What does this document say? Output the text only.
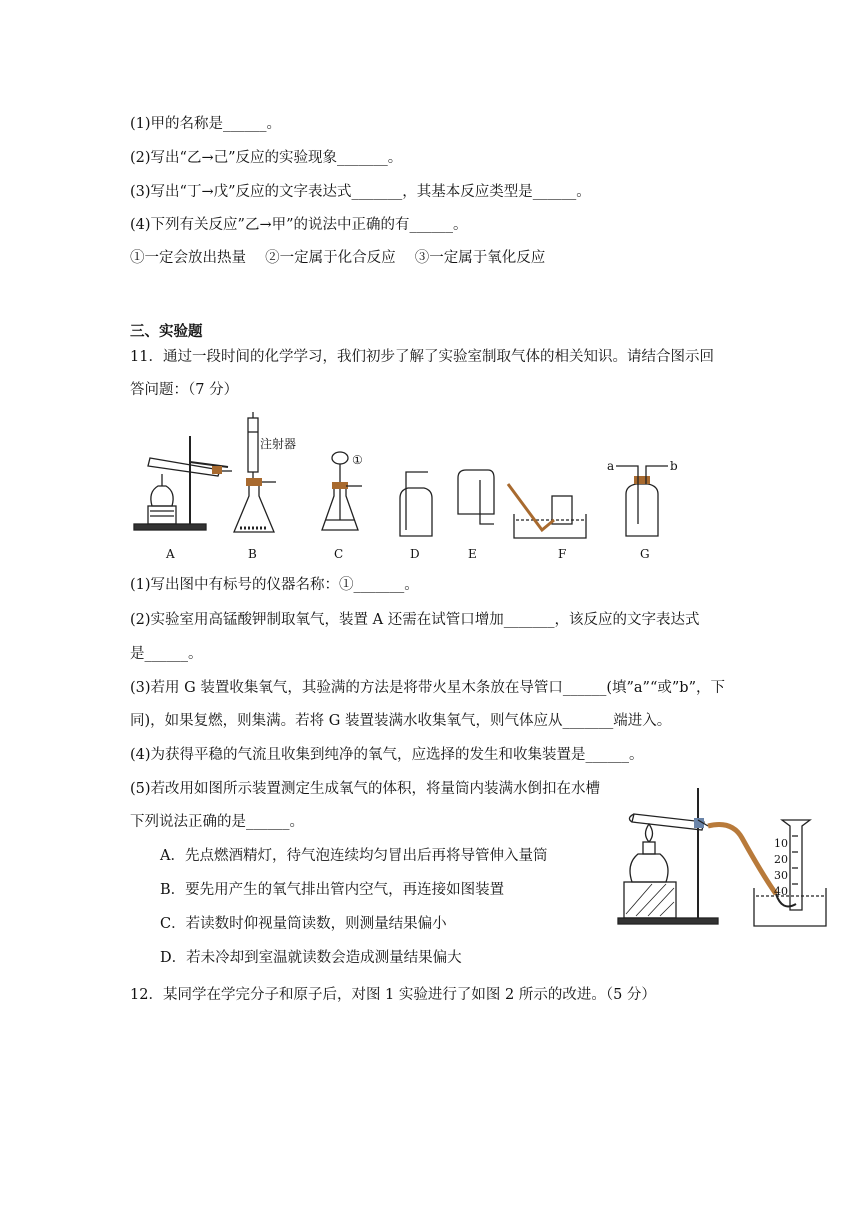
(1)甲的名称是______。
(2)写出“乙→己”反应的实验现象_______。
(3)写出“丁→戊”反应的文字表达式_______，其基本反应类型是______。
(4)下列有关反应”乙→甲”的说法中正确的有______。
①一定会放出热量　 ②一定属于化合反应　 ③一定属于氧化反应
三、实验题
11．通过一段时间的化学学习，我们初步了解了实验室制取气体的相关知识。请结合图示回
答问题：（7 分）
注射器
①	a	b
A	B	C	D	E	F	G
(1)写出图中有标号的仪器名称：①_______。
(2)实验室用高锰酸钾制取氧气，装置 A 还需在试管口增加_______，该反应的文字表达式
是______。
(3)若用 G 装置收集氧气，其验满的方法是将带火星木条放在导管口______(填”a”“或”b”，下
同)，如果复燃，则集满。若将 G 装置装满水收集氧气，则气体应从_______端进入。
(4)为获得平稳的气流且收集到纯净的氧气，应选择的发生和收集装置是______。
(5)若改用如图所示装置测定生成氧气的体积，将量筒内装满水倒扣在水槽
下列说法正确的是______。
A．先点燃酒精灯，待气泡连续均匀冒出后再将导管伸入量筒
B．要先用产生的氧气排出管内空气，再连接如图装置
C．若读数时仰视量筒读数，则测量结果偏小
D．若未冷却到室温就读数会造成测量结果偏大
10
20
30
40
12．某同学在学完分子和原子后，对图 1 实验进行了如图 2 所示的改进。（5 分）
